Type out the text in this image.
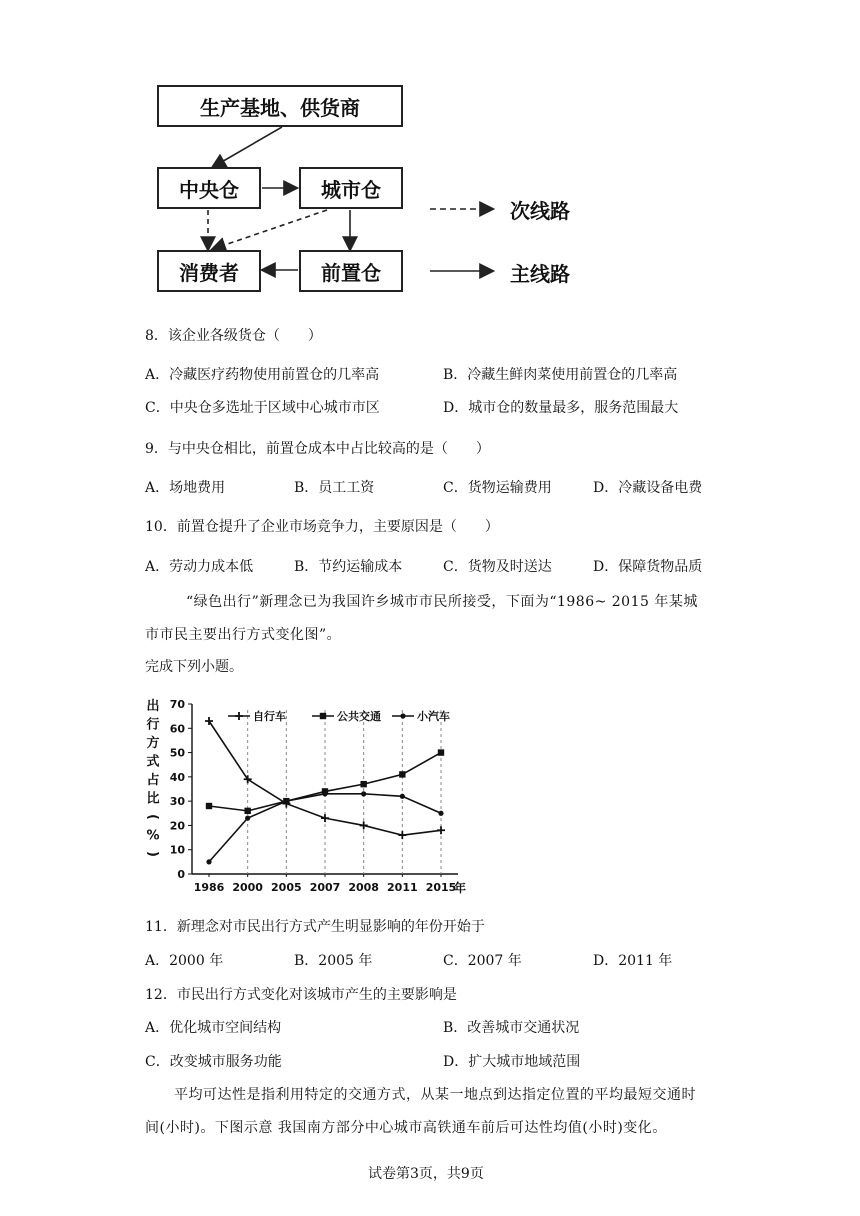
生产基地、供货商
中央仓	城市仓
消费者	前置仓
次线路
主线路
8．该企业各级货仓（　　）
A．冷藏医疗药物使用前置仓的几率高	B．冷藏生鲜肉菜使用前置仓的几率高
C．中央仓多选址于区域中心城市市区	D．城市仓的数量最多，服务范围最大
9．与中央仓相比，前置仓成本中占比较高的是（　　）
A．场地费用	B．员工工资	C．货物运输费用	D．冷藏设备电费
10．前置仓提升了企业市场竞争力，主要原因是（　　）
A．劳动力成本低	B．节约运输成本	C．货物及时送达	D．保障货物品质
“绿色出行”新理念已为我国许乡城市市民所接受，下面为“1986~ 2015 年某城
市市民主要出行方式变化图”。
完成下列小题。
出
行
方
式
占
比
(
%
)
0
10
20
30
40
50
60
70
1986 2000 2005 2007 2008 2011 2015
年
自行车	公共交通	小汽车
11．新理念对市民出行方式产生明显影响的年份开始于
A．2000 年	B．2005 年	C．2007 年	D．2011 年
12．市民出行方式变化对该城市产生的主要影响是
A．优化城市空间结构	B．改善城市交通状况
C．改变城市服务功能	D．扩大城市地域范围
平均可达性是指利用特定的交通方式，从某一地点到达指定位置的平均最短交通时
间(小时)。下图示意 我国南方部分中心城市高铁通车前后可达性均值(小时)变化。
试卷第3页，共9页
